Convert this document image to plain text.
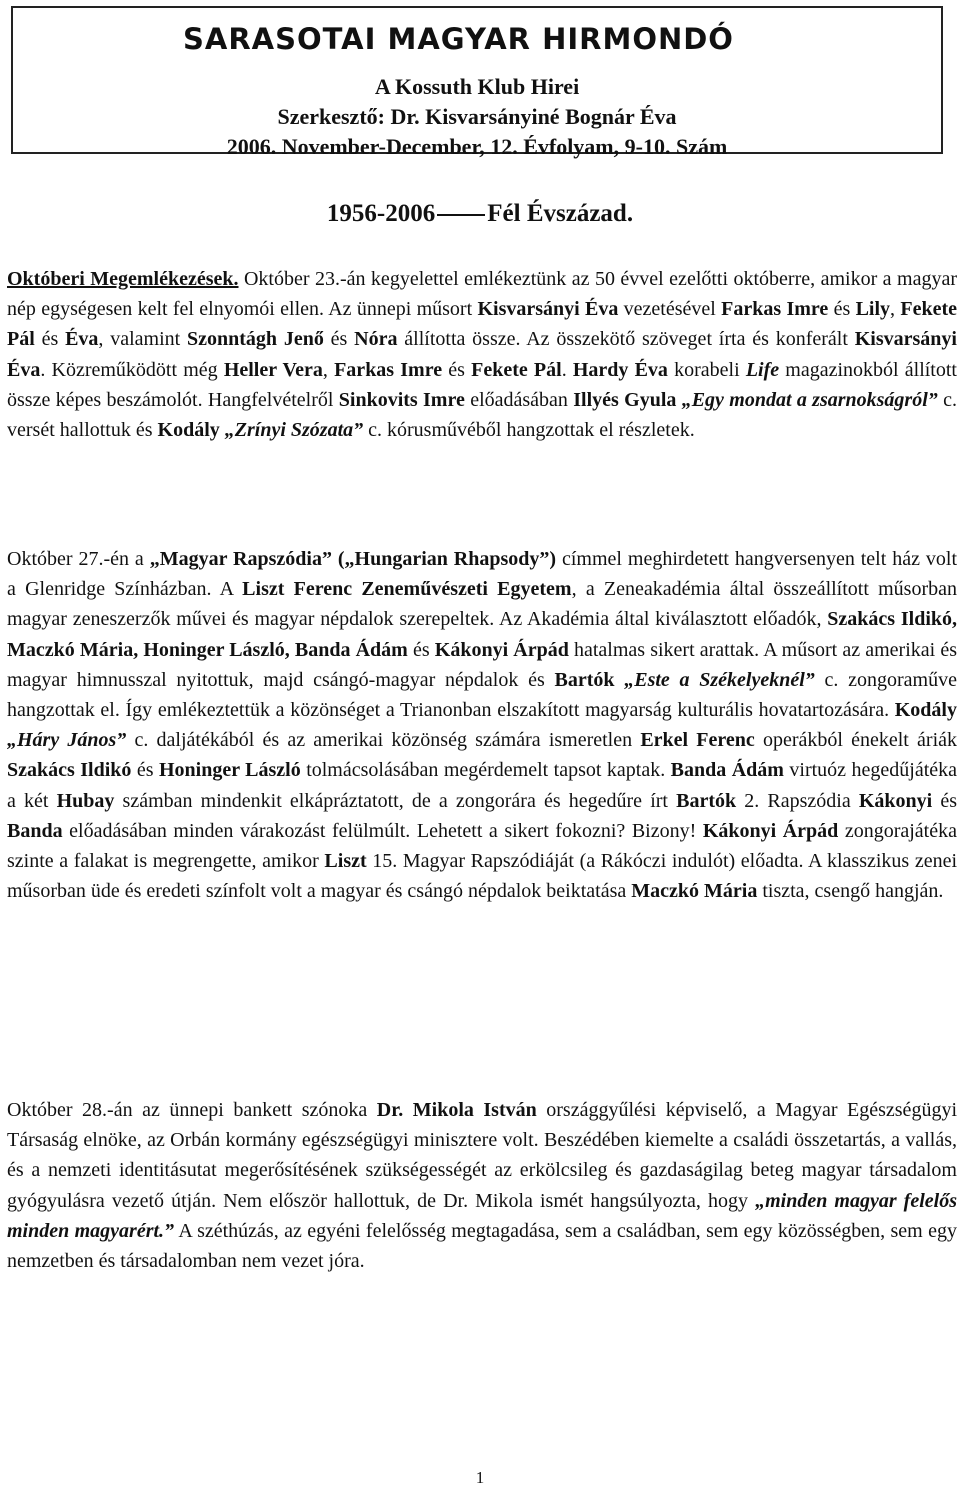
SARASOTAI MAGYAR HIRMONDÓ
A Kossuth Klub Hirei
Szerkesztő: Dr. Kisvarsányiné Bognár Éva
2006. November-December, 12. Évfolyam, 9-10. Szám
1956-2006 Fél Évszázad.

Októberi Megemlékezések. Október 23.-án kegyelettel emlékeztünk az 50 évvel ezelőtti októberre, amikor a magyar nép egységesen kelt fel elnyomói ellen. Az ünnepi műsort Kisvarsányi Éva vezetésével Farkas Imre és Lily, Fekete Pál és Éva, valamint Szonntágh Jenő és Nóra állította össze. Az összekötő szöveget írta és konferált Kisvarsányi Éva. Közreműködött még Heller Vera, Farkas Imre és Fekete Pál. Hardy Éva korabeli Life magazinokból állított össze képes beszámolót. Hangfelvételről Sinkovits Imre előadásában Illyés Gyula „Egy mondat a zsarnokságról” c. versét hallottuk és Kodály „Zrínyi Szózata” c. kórusművéből hangzottak el részletek.

Október 27.-én a „Magyar Rapszódia” („Hungarian Rhapsody”) címmel meghirdetett hangversenyen telt ház volt a Glenridge Színházban. A Liszt Ferenc Zeneművészeti Egyetem, a Zeneakadémia által összeállított műsorban magyar zeneszerzők művei és magyar népdalok szerepeltek. Az Akadémia által kiválasztott előadók, Szakács Ildikó, Maczkó Mária, Honinger László, Banda Ádám és Kákonyi Árpád hatalmas sikert arattak. A műsort az amerikai és magyar himnusszal nyitottuk, majd csángó-magyar népdalok és Bartók „Este a Székelyeknél” c. zongoraműve hangzottak el. Így emlékeztettük a közönséget a Trianonban elszakított magyarság kulturális hovatartozására. Kodály „Háry János” c. daljátékából és az amerikai közönség számára ismeretlen Erkel Ferenc operákból énekelt áriák Szakács Ildikó és Honinger László tolmácsolásában megérdemelt tapsot kaptak. Banda Ádám virtuóz hegedűjátéka a két Hubay számban mindenkit elkápráztatott, de a zongorára és hegedűre írt Bartók 2. Rapszódia Kákonyi és Banda előadásában minden várakozást felülmúlt. Lehetett a sikert fokozni? Bizony! Kákonyi Árpád zongorajátéka szinte a falakat is megrengette, amikor Liszt 15. Magyar Rapszódiáját (a Rákóczi indulót) előadta. A klasszikus zenei műsorban üde és eredeti színfolt volt a magyar és csángó népdalok beiktatása Maczkó Mária tiszta, csengő hangján.

Október 28.-án az ünnepi bankett szónoka Dr. Mikola István országgyűlési képviselő, a Magyar Egészségügyi Társaság elnöke, az Orbán kormány egészségügyi minisztere volt. Beszédében kiemelte a családi összetartás, a vallás, és a nemzeti identitásutat megerősítésének szükségességét az erkölcsileg és gazdaságilag beteg magyar társadalom gyógyulásra vezető útján. Nem először hallottuk, de Dr. Mikola ismét hangsúlyozta, hogy „minden magyar felelős minden magyarért.” A széthúzás, az egyéni felelősség megtagadása, sem a családban, sem egy közösségben, sem egy nemzetben és társadalomban nem vezet jóra.

1
